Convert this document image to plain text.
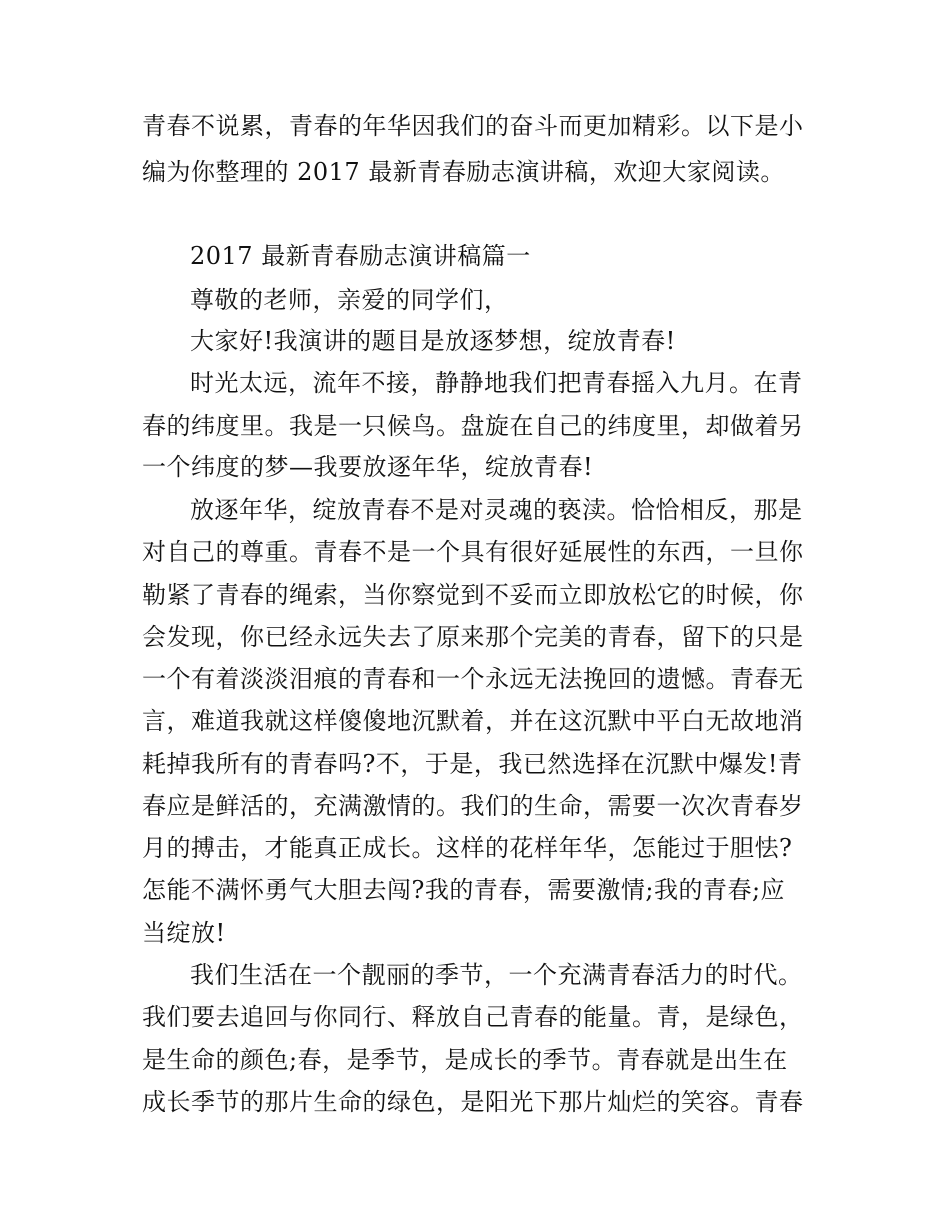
青春不说累，青春的年华因我们的奋斗而更加精彩。以下是小
编为你整理的 2017 最新青春励志演讲稿，欢迎大家阅读。
2017 最新青春励志演讲稿篇一
尊敬的老师，亲爱的同学们，
大家好!我演讲的题目是放逐梦想，绽放青春!
时光太远，流年不接，静静地我们把青春摇入九月。在青
春的纬度里。我是一只候鸟。盘旋在自己的纬度里，却做着另
一个纬度的梦—我要放逐年华，绽放青春!
放逐年华，绽放青春不是对灵魂的亵渎。恰恰相反，那是
对自己的尊重。青春不是一个具有很好延展性的东西，一旦你
勒紧了青春的绳索，当你察觉到不妥而立即放松它的时候，你
会发现，你已经永远失去了原来那个完美的青春，留下的只是
一个有着淡淡泪痕的青春和一个永远无法挽回的遗憾。青春无
言，难道我就这样傻傻地沉默着，并在这沉默中平白无故地消
耗掉我所有的青春吗?不，于是，我已然选择在沉默中爆发!青
春应是鲜活的，充满激情的。我们的生命，需要一次次青春岁
月的搏击，才能真正成长。这样的花样年华，怎能过于胆怯?
怎能不满怀勇气大胆去闯?我的青春，需要激情;我的青春;应
当绽放!
我们生活在一个靓丽的季节，一个充满青春活力的时代。
我们要去追回与你同行、释放自己青春的能量。青，是绿色，
是生命的颜色;春，是季节，是成长的季节。青春就是出生在
成长季节的那片生命的绿色，是阳光下那片灿烂的笑容。青春
